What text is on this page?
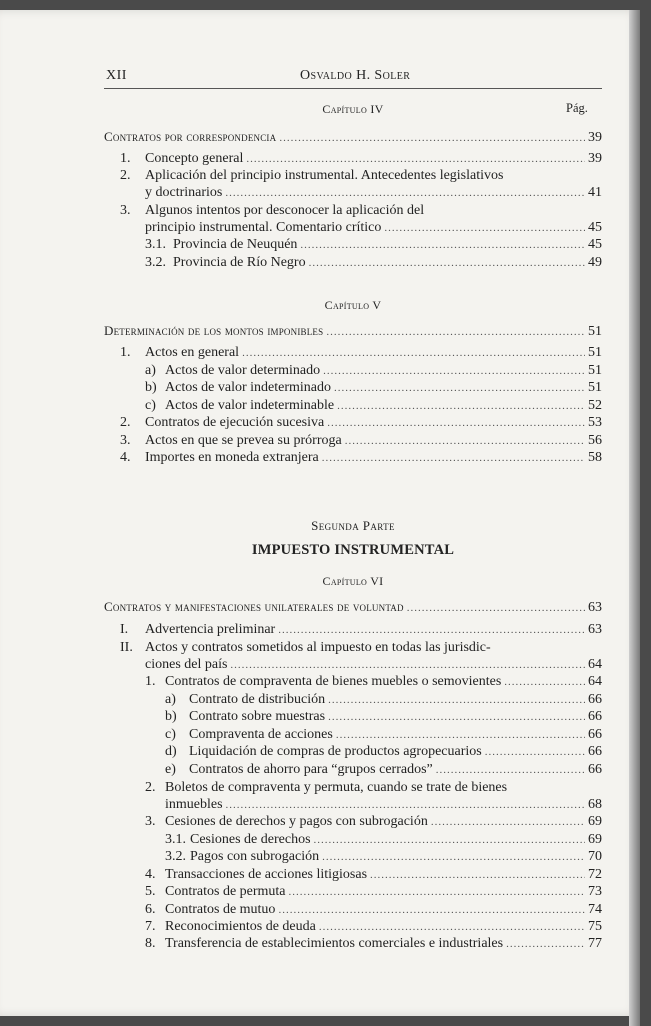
XII	Osvaldo H. Soler
Capítulo IV	Pág.
Contratos por correspondencia .....	39
1.	Concepto general .....	39
2.	Aplicación del principio instrumental. Antecedentes legislativos
y doctrinarios .....	41
3.	Algunos intentos por desconocer la aplicación del
principio instrumental. Comentario crítico .....	45
3.1. Provincia de Neuquén .....	45
3.2. Provincia de Río Negro .....	49
Capítulo V
Determinación de los montos imponibles .....	51
1.	Actos en general .....	51
a) Actos de valor determinado .....	51
b) Actos de valor indeterminado .....	51
c) Actos de valor indeterminable .....	52
2.	Contratos de ejecución sucesiva .....	53
3.	Actos en que se prevea su prórroga .....	56
4.	Importes en moneda extranjera .....	58
Segunda Parte
IMPUESTO INSTRUMENTAL
Capítulo VI
Contratos y manifestaciones unilaterales de voluntad .....	63
I.	Advertencia preliminar .....	63
II. Actos y contratos sometidos al impuesto en todas las jurisdic-
ciones del país .....	64
1. Contratos de compraventa de bienes muebles o semovientes .....	64
a) Contrato de distribución .....	66
b) Contrato sobre muestras .....	66
c) Compraventa de acciones .....	66
d) Liquidación de compras de productos agropecuarios .....	66
e) Contratos de ahorro para “grupos cerrados” .....	66
2. Boletos de compraventa y permuta, cuando se trate de bienes
inmuebles .....	68
3. Cesiones de derechos y pagos con subrogación .....	69
3.1. Cesiones de derechos .....	69
3.2. Pagos con subrogación .....	70
4. Transacciones de acciones litigiosas .....	72
5. Contratos de permuta .....	73
6. Contratos de mutuo .....	74
7. Reconocimientos de deuda .....	75
8. Transferencia de establecimientos comerciales e industriales .....	77
